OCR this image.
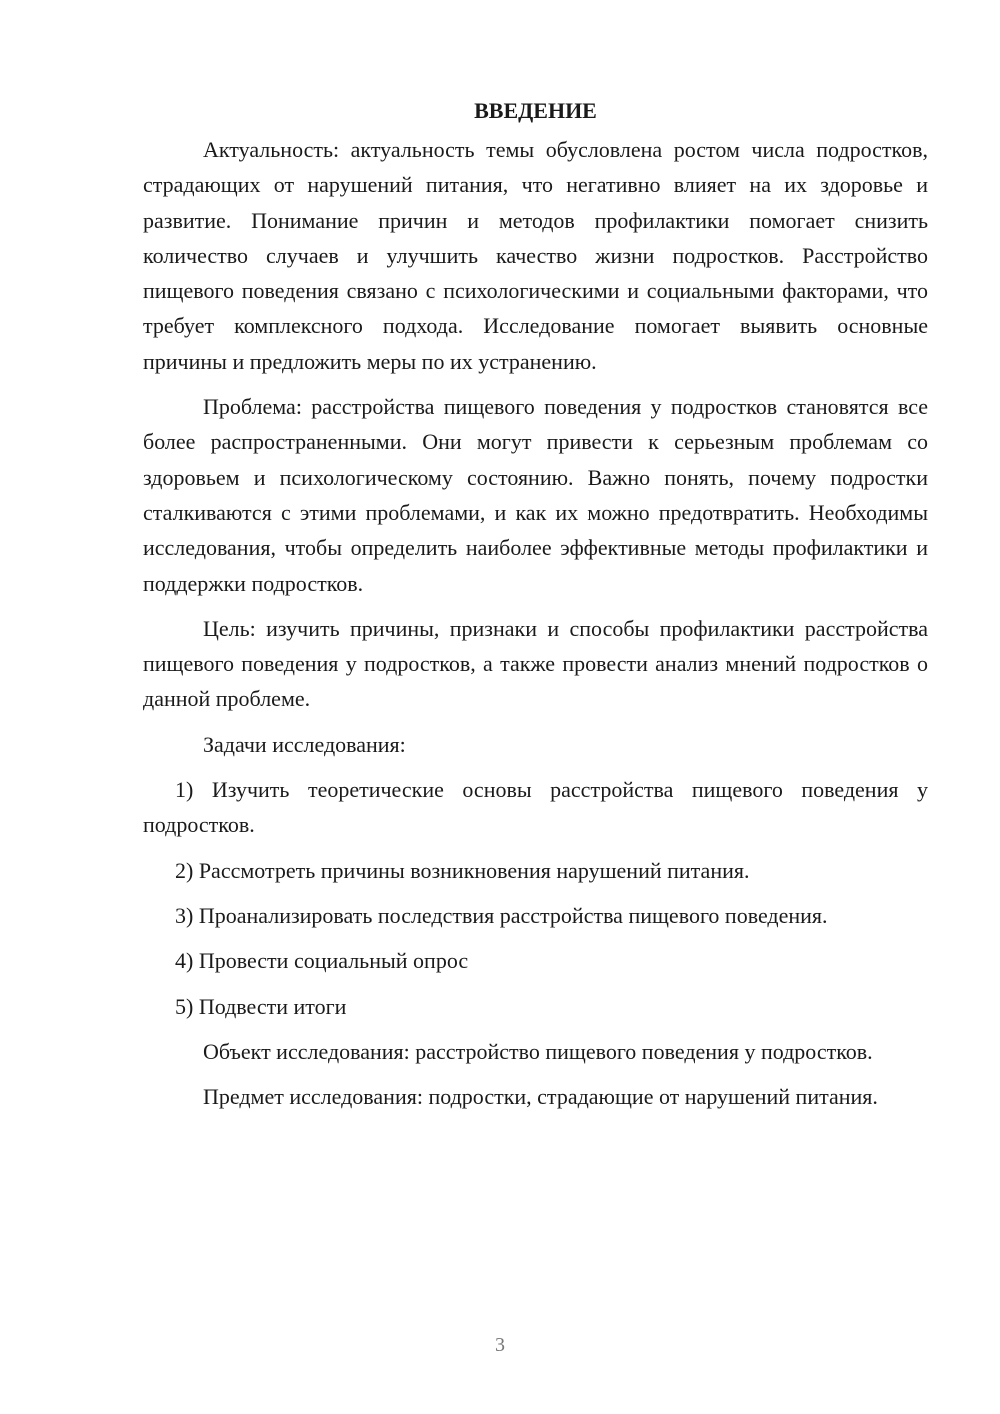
ВВЕДЕНИЕ

Актуальность: актуальность темы обусловлена ростом числа подростков, страдающих от нарушений питания, что негативно влияет на их здоровье и развитие. Понимание причин и методов профилактики помогает снизить количество случаев и улучшить качество жизни подростков. Расстройство пищевого поведения связано с психологическими и социальными факторами, что требует комплексного подхода. Исследование помогает выявить основные причины и предложить меры по их устранению.

Проблема: расстройства пищевого поведения у подростков становятся все более распространенными. Они могут привести к серьезным проблемам со здоровьем и психологическому состоянию. Важно понять, почему подростки сталкиваются с этими проблемами, и как их можно предотвратить. Необходимы исследования, чтобы определить наиболее эффективные методы профилактики и поддержки подростков.

Цель: изучить причины, признаки и способы профилактики расстройства пищевого поведения у подростков, а также провести анализ мнений подростков о данной проблеме.

Задачи исследования:

1) Изучить теоретические основы расстройства пищевого поведения у подростков.

2) Рассмотреть причины возникновения нарушений питания.

3) Проанализировать последствия расстройства пищевого поведения.

4) Провести социальный опрос

5) Подвести итоги

Объект исследования: расстройство пищевого поведения у подростков.

Предмет исследования: подростки, страдающие от нарушений питания.

3
